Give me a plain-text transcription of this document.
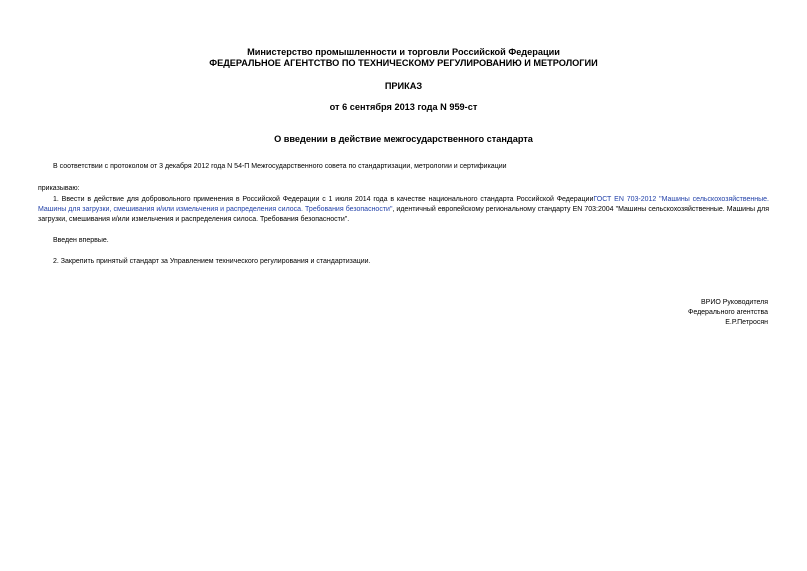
Министерство промышленности и торговли Российской Федерации
ФЕДЕРАЛЬНОЕ АГЕНТСТВО ПО ТЕХНИЧЕСКОМУ РЕГУЛИРОВАНИЮ И МЕТРОЛОГИИ
ПРИКАЗ
от 6 сентября 2013 года N 959-ст
О введении в действие межгосударственного стандарта
В соответствии с протоколом от 3 декабря 2012 года N 54-П Межгосударственного совета по стандартизации, метрологии и сертификации
приказываю:
1. Ввести в действие для добровольного применения в Российской Федерации с 1 июля 2014 года в качестве национального стандарта Российской ФедерацииГОСТ EN 703-2012 "Машины сельскохозяйственные. Машины для загрузки, смешивания и/или измельчения и распределения силоса. Требования безопасности", идентичный европейскому региональному стандарту EN 703:2004 "Машины сельскохозяйственные. Машины для загрузки, смешивания и/или измельчения и распределения силоса. Требования безопасности".
Введен впервые.
2. Закрепить принятый стандарт за Управлением технического регулирования и стандартизации.
ВРИО Руководителя
Федерального агентства
Е.Р.Петросян
